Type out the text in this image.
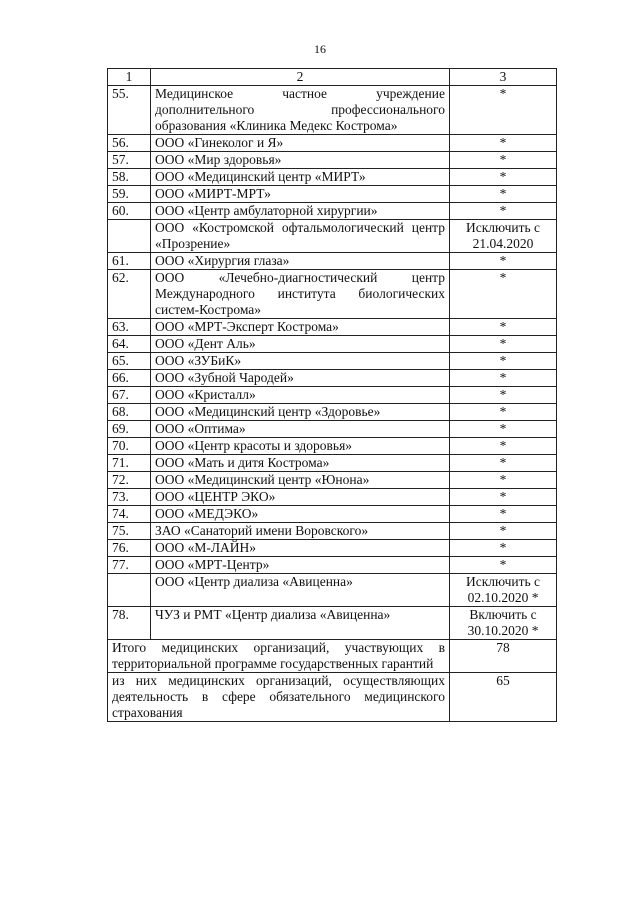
16
1	2	3
55.	Медицинское частное учреждение дополнительного профессионального образования «Клиника Медекс Кострома»	*
56.	ООО «Гинеколог и Я»	*
57.	ООО «Мир здоровья»	*
58.	ООО «Медицинский центр «МИРТ»	*
59.	ООО «МИРТ-МРТ»	*
60.	ООО «Центр амбулаторной хирургии»	*
	ООО «Костромской офтальмологический центр «Прозрение»	Исключить с 21.04.2020
61.	ООО «Хирургия глаза»	*
62.	ООО «Лечебно-диагностический центр Международного института биологических систем-Кострома»	*
63.	ООО «МРТ-Эксперт Кострома»	*
64.	ООО «Дент Аль»	*
65.	ООО «ЗУБиК»	*
66.	ООО «Зубной Чародей»	*
67.	ООО «Кристалл»	*
68.	ООО «Медицинский центр «Здоровье»	*
69.	ООО «Оптима»	*
70.	ООО «Центр красоты и здоровья»	*
71.	ООО «Мать и дитя Кострома»	*
72.	ООО «Медицинский центр «Юнона»	*
73.	ООО «ЦЕНТР ЭКО»	*
74.	ООО «МЕДЭКО»	*
75.	ЗАО «Санаторий имени Воровского»	*
76.	ООО «М-ЛАЙН»	*
77.	ООО «МРТ-Центр»	*
	ООО «Центр диализа «Авиценна»	Исключить с 02.10.2020 *
78.	ЧУЗ и РМТ «Центр диализа «Авиценна»	Включить с 30.10.2020 *
Итого медицинских организаций, участвующих в территориальной программе государственных гарантий		78
из них медицинских организаций, осуществляющих деятельность в сфере обязательного медицинского страхования		65
